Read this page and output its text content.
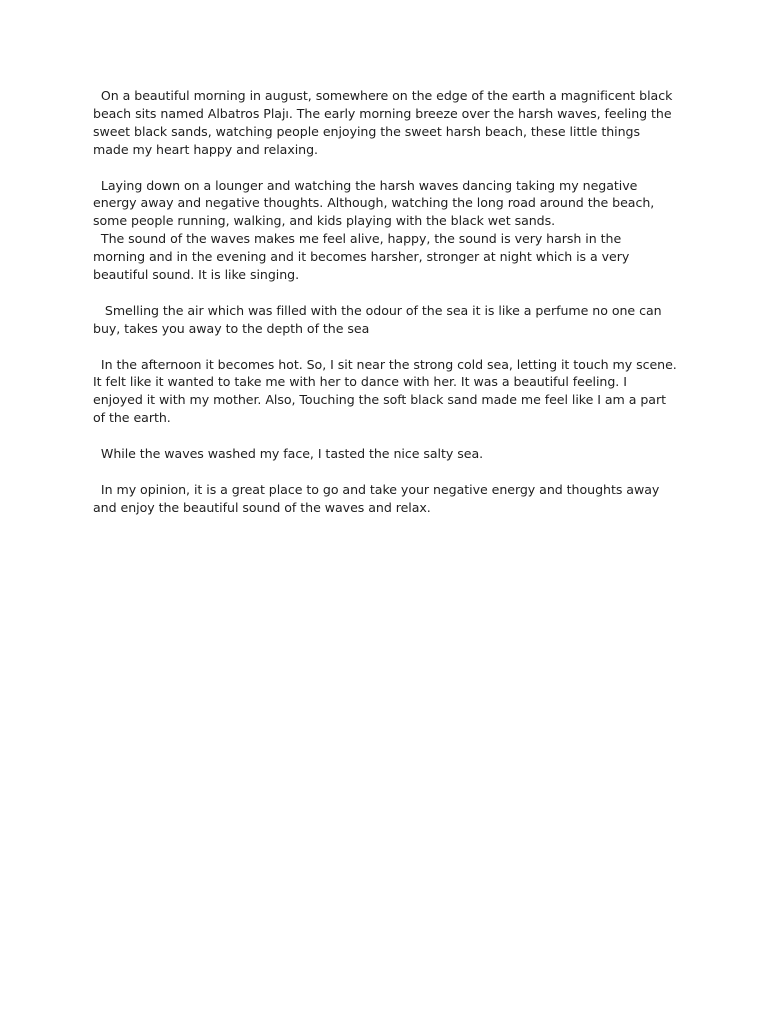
On a beautiful morning in august, somewhere on the edge of the earth a magnificent black beach sits named Albatros Plajı. The early morning breeze over the harsh waves, feeling the sweet black sands, watching people enjoying the sweet harsh beach, these little things made my heart happy and relaxing.

Laying down on a lounger and watching the harsh waves dancing taking my negative energy away and negative thoughts. Although, watching the long road around the beach, some people running, walking, and kids playing with the black wet sands.

The sound of the waves makes me feel alive, happy, the sound is very harsh in the morning and in the evening and it becomes harsher, stronger at night which is a very beautiful sound. It is like singing.

Smelling the air which was filled with the odour of the sea it is like a perfume no one can buy, takes you away to the depth of the sea

In the afternoon it becomes hot. So, I sit near the strong cold sea, letting it touch my scene. It felt like it wanted to take me with her to dance with her. It was a beautiful feeling. I enjoyed it with my mother. Also, Touching the soft black sand made me feel like I am a part of the earth.

While the waves washed my face, I tasted the nice salty sea.

In my opinion, it is a great place to go and take your negative energy and thoughts away and enjoy the beautiful sound of the waves and relax.
